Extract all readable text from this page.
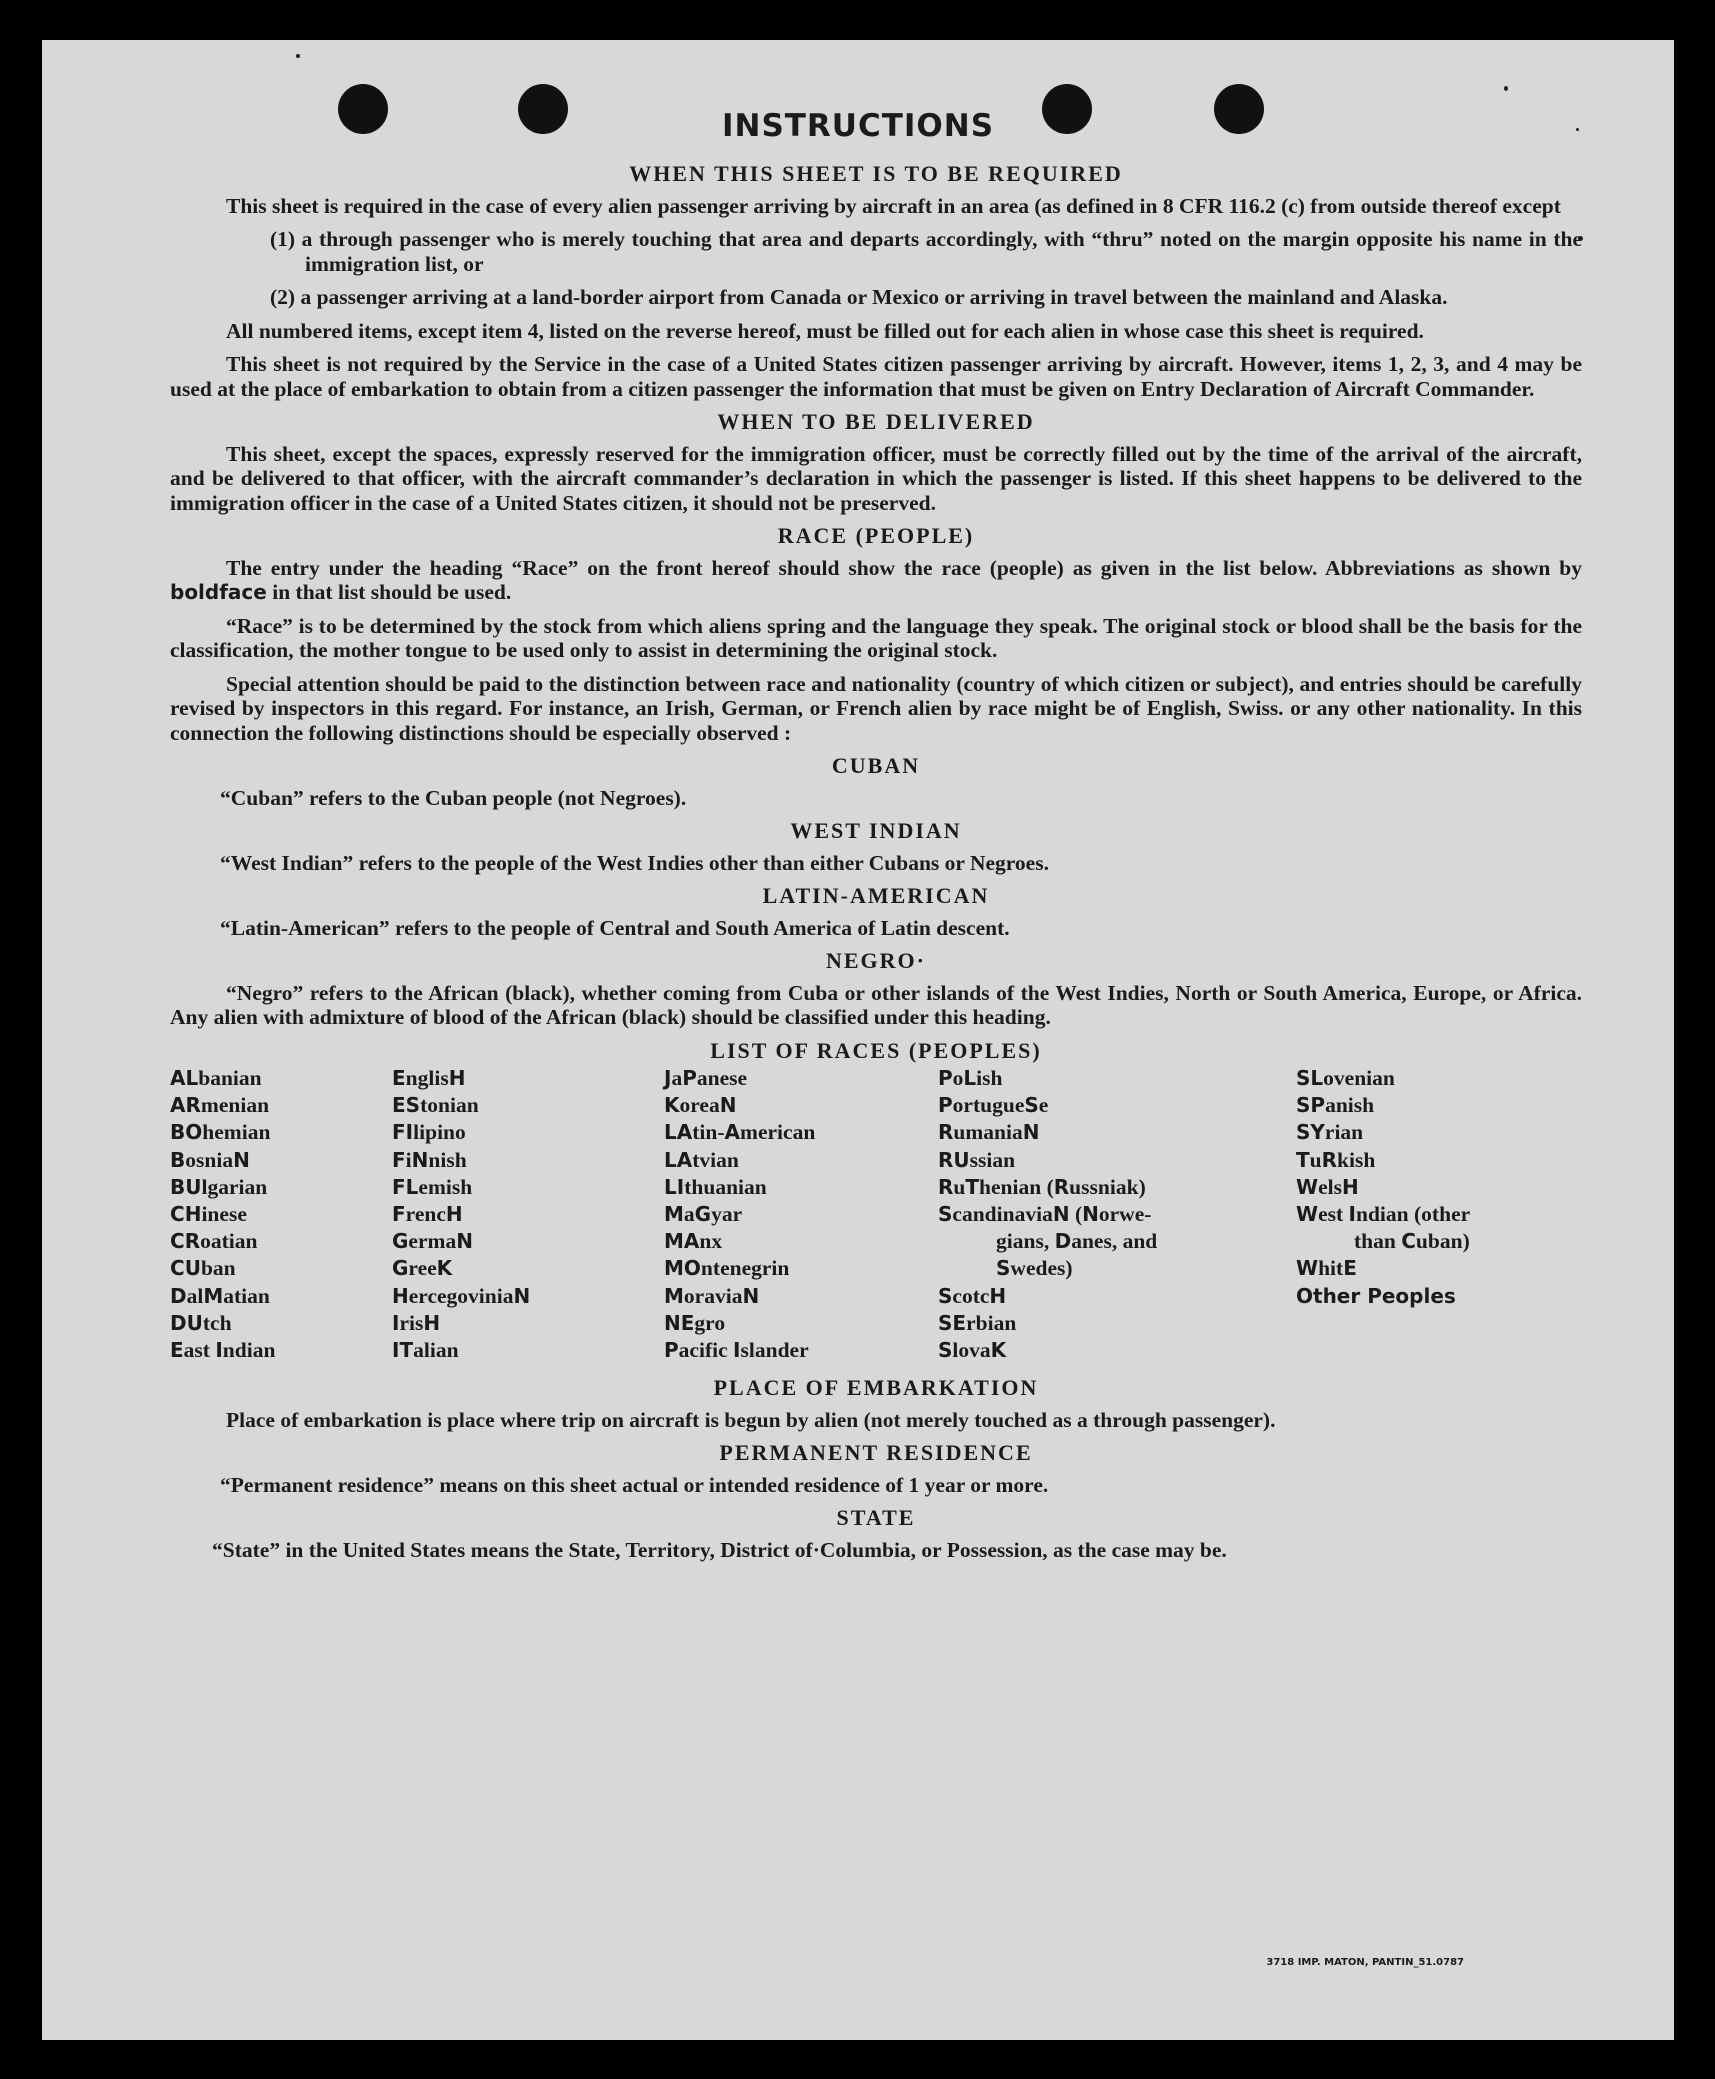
INSTRUCTIONS
WHEN THIS SHEET IS TO BE REQUIRED
This sheet is required in the case of every alien passenger arriving by aircraft in an area (as defined in 8 CFR 116.2 (c) from outside thereof except
(1) a through passenger who is merely touching that area and departs accordingly, with “thru” noted on the margin opposite his name in the immigration list, or
(2) a passenger arriving at a land-border airport from Canada or Mexico or arriving in travel between the mainland and Alaska.
All numbered items, except item 4, listed on the reverse hereof, must be filled out for each alien in whose case this sheet is required.
This sheet is not required by the Service in the case of a United States citizen passenger arriving by aircraft. However, items 1, 2, 3, and 4 may be used at the place of embarkation to obtain from a citizen passenger the information that must be given on Entry Declaration of Aircraft Commander.
WHEN TO BE DELIVERED
This sheet, except the spaces, expressly reserved for the immigration officer, must be correctly filled out by the time of the arrival of the aircraft, and be delivered to that officer, with the aircraft commander’s declaration in which the passenger is listed. If this sheet happens to be delivered to the immigration officer in the case of a United States citizen, it should not be preserved.
RACE (PEOPLE)
The entry under the heading “Race” on the front hereof should show the race (people) as given in the list below. Abbreviations as shown by boldface in that list should be used.
“Race” is to be determined by the stock from which aliens spring and the language they speak. The original stock or blood shall be the basis for the classification, the mother tongue to be used only to assist in determining the original stock.
Special attention should be paid to the distinction between race and nationality (country of which citizen or subject), and entries should be carefully revised by inspectors in this regard. For instance, an Irish, German, or French alien by race might be of English, Swiss. or any other nationality. In this connection the following distinctions should be especially observed :
CUBAN
“Cuban” refers to the Cuban people (not Negroes).
WEST INDIAN
“West Indian” refers to the people of the West Indies other than either Cubans or Negroes.
LATIN-AMERICAN
“Latin-American” refers to the people of Central and South America of Latin descent.
NEGRO·
“Negro” refers to the African (black), whether coming from Cuba or other islands of the West Indies, North or South America, Europe, or Africa. Any alien with admixture of blood of the African (black) should be classified under this heading.
LIST OF RACES (PEOPLES)
ALbanian
ARmenian
BOhemian
BosniaN
BUlgarian
CHinese
CRoatian
CUban
DalMatian
DUtch
East Indian
EnglisH
EStonian
FIlipino
FiNnish
FLemish
FrencH
GermaN
GreeK
HercegoviniaN
IrisH
ITalian
JaPanese
KoreaN
LAtin-American
LAtvian
LIthuanian
MaGyar
MAnx
MOntenegrin
MoraviaN
NEgro
Pacific Islander
PoLish
PortugueSe
RumaniaN
RUssian
RuThenian (Russniak)
ScandinaviaN (Norwe-
gians, Danes, and
Swedes)
ScotcH
SErbian
SlovaK
SLovenian
SPanish
SYrian
TuRkish
WelsH
West Indian (other
than Cuban)
WhitE
Other Peoples
PLACE OF EMBARKATION
Place of embarkation is place where trip on aircraft is begun by alien (not merely touched as a through passenger).
PERMANENT RESIDENCE
“Permanent residence” means on this sheet actual or intended residence of 1 year or more.
STATE
“State” in the United States means the State, Territory, District of·Columbia, or Possession, as the case may be.
3718 IMP. MATON, PANTIN_51.0787
